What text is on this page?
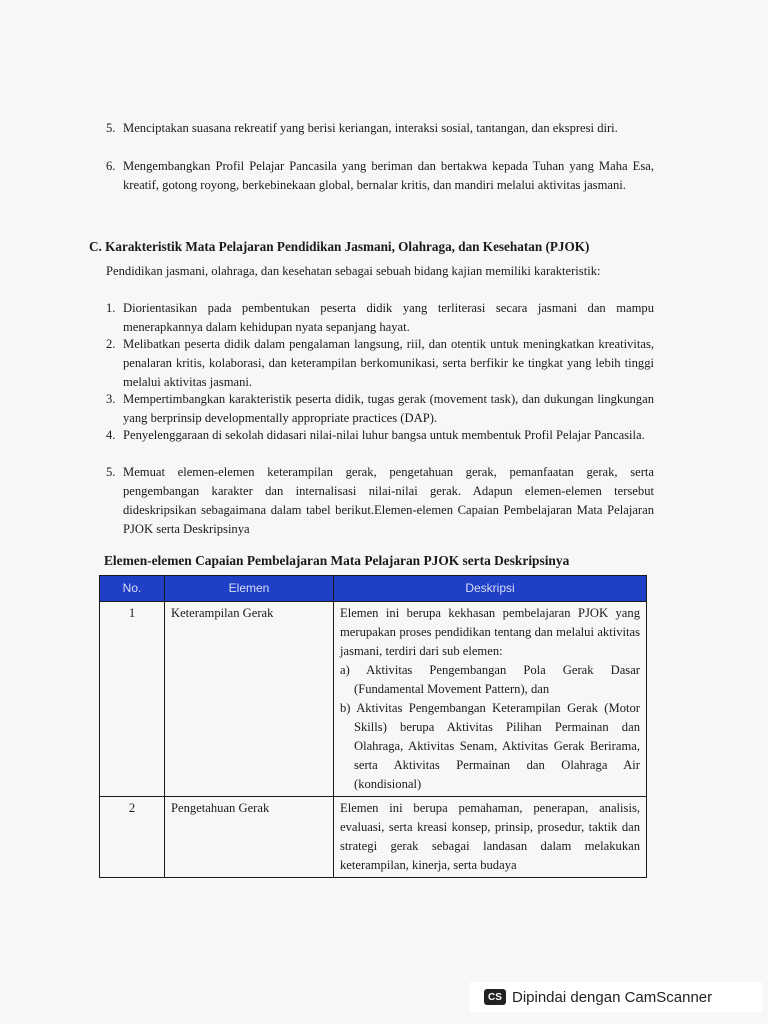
5. Menciptakan suasana rekreatif yang berisi keriangan, interaksi sosial, tantangan, dan ekspresi diri.
6. Mengembangkan Profil Pelajar Pancasila yang beriman dan bertakwa kepada Tuhan yang Maha Esa, kreatif, gotong royong, berkebinekaan global, bernalar kritis, dan mandiri melalui aktivitas jasmani.
C. Karakteristik Mata Pelajaran Pendidikan Jasmani, Olahraga, dan Kesehatan (PJOK)
Pendidikan jasmani, olahraga, dan kesehatan sebagai sebuah bidang kajian memiliki karakteristik:
1. Diorientasikan pada pembentukan peserta didik yang terliterasi secara jasmani dan mampu menerapkannya dalam kehidupan nyata sepanjang hayat.
2. Melibatkan peserta didik dalam pengalaman langsung, riil, dan otentik untuk meningkatkan kreativitas, penalaran kritis, kolaborasi, dan keterampilan berkomunikasi, serta berfikir ke tingkat yang lebih tinggi melalui aktivitas jasmani.
3. Mempertimbangkan karakteristik peserta didik, tugas gerak (movement task), dan dukungan lingkungan yang berprinsip developmentally appropriate practices (DAP).
4. Penyelenggaraan di sekolah didasari nilai-nilai luhur bangsa untuk membentuk Profil Pelajar Pancasila.
5. Memuat elemen-elemen keterampilan gerak, pengetahuan gerak, pemanfaatan gerak, serta pengembangan karakter dan internalisasi nilai-nilai gerak. Adapun elemen-elemen tersebut dideskripsikan sebagaimana dalam tabel berikut.Elemen-elemen Capaian Pembelajaran Mata Pelajaran PJOK serta Deskripsinya
Elemen-elemen Capaian Pembelajaran Mata Pelajaran PJOK serta Deskripsinya
No.	Elemen	Deskripsi
1	Keterampilan Gerak	Elemen ini berupa kekhasan pembelajaran PJOK yang merupakan proses pendidikan tentang dan melalui aktivitas jasmani, terdiri dari sub elemen:
a) Aktivitas Pengembangan Pola Gerak Dasar (Fundamental Movement Pattern), dan
b) Aktivitas Pengembangan Keterampilan Gerak (Motor Skills) berupa Aktivitas Pilihan Permainan dan Olahraga, Aktivitas Senam, Aktivitas Gerak Berirama, serta Aktivitas Permainan dan Olahraga Air (kondisional)

2	Pengetahuan Gerak	Elemen ini berupa pemahaman, penerapan, analisis, evaluasi, serta kreasi konsep, prinsip, prosedur, taktik dan strategi gerak sebagai landasan dalam melakukan keterampilan, kinerja, serta budaya
CS Dipindai dengan CamScanner
